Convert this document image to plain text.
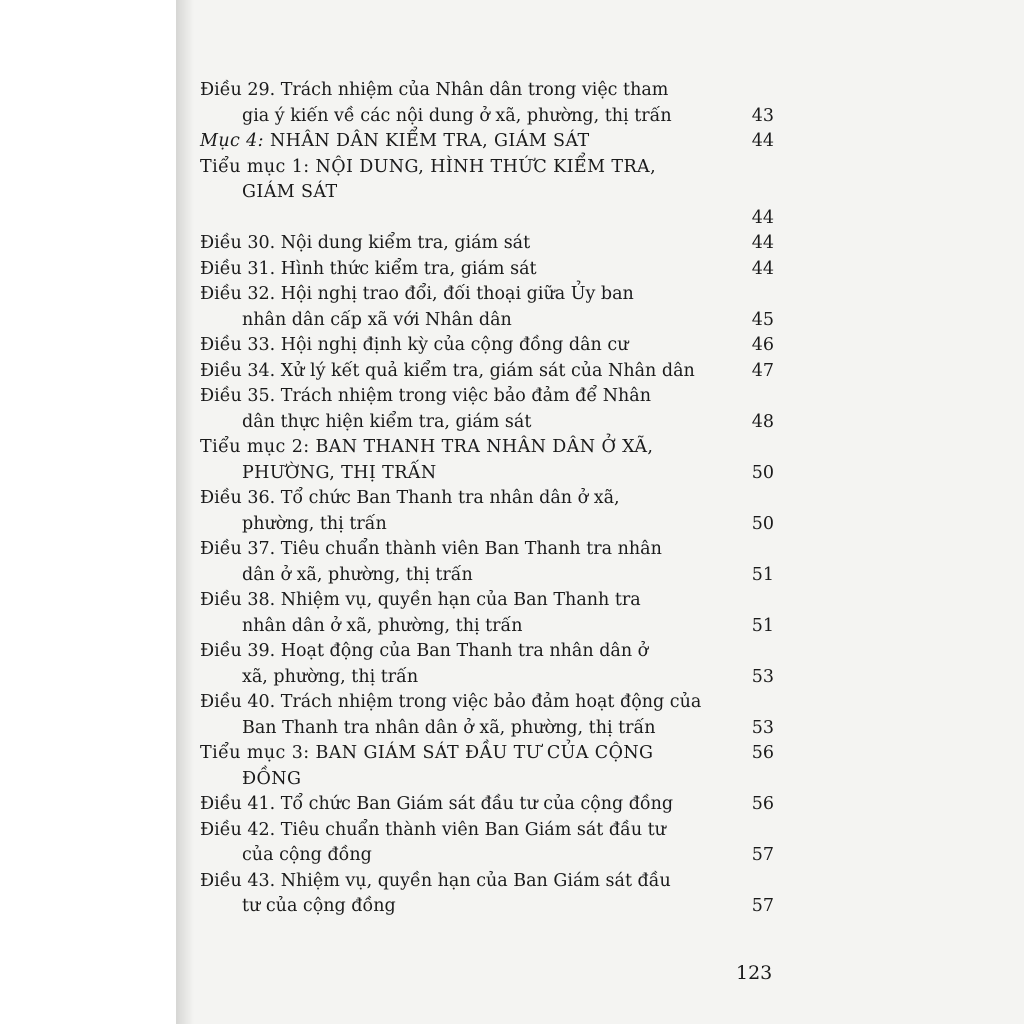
Điều 29. Trách nhiệm của Nhân dân trong việc tham
gia ý kiến về các nội dung ở xã, phường, thị trấn	43
Mục 4: NHÂN DÂN KIỂM TRA, GIÁM SÁT	44
Tiểu mục 1: NỘI DUNG, HÌNH THỨC KIỂM TRA,
GIÁM SÁT
44
Điều 30. Nội dung kiểm tra, giám sát	44
Điều 31. Hình thức kiểm tra, giám sát	44
Điều 32. Hội nghị trao đổi, đối thoại giữa Ủy ban
nhân dân cấp xã với Nhân dân	45
Điều 33. Hội nghị định kỳ của cộng đồng dân cư	46
Điều 34. Xử lý kết quả kiểm tra, giám sát của Nhân dân	47
Điều 35. Trách nhiệm trong việc bảo đảm để Nhân
dân thực hiện kiểm tra, giám sát	48
Tiểu mục 2: BAN THANH TRA NHÂN DÂN Ở XÃ,
PHƯỜNG, THỊ TRẤN	50
Điều 36. Tổ chức Ban Thanh tra nhân dân ở xã,
phường, thị trấn	50
Điều 37. Tiêu chuẩn thành viên Ban Thanh tra nhân
dân ở xã, phường, thị trấn	51
Điều 38. Nhiệm vụ, quyền hạn của Ban Thanh tra
nhân dân ở xã, phường, thị trấn	51
Điều 39. Hoạt động của Ban Thanh tra nhân dân ở
xã, phường, thị trấn	53
Điều 40. Trách nhiệm trong việc bảo đảm hoạt động của
Ban Thanh tra nhân dân ở xã, phường, thị trấn	53
Tiểu mục 3: BAN GIÁM SÁT ĐẦU TƯ CỦA CỘNG
ĐỒNG
56
Điều 41. Tổ chức Ban Giám sát đầu tư của cộng đồng	56
Điều 42. Tiêu chuẩn thành viên Ban Giám sát đầu tư
của cộng đồng	57
Điều 43. Nhiệm vụ, quyền hạn của Ban Giám sát đầu
tư của cộng đồng	57
123
